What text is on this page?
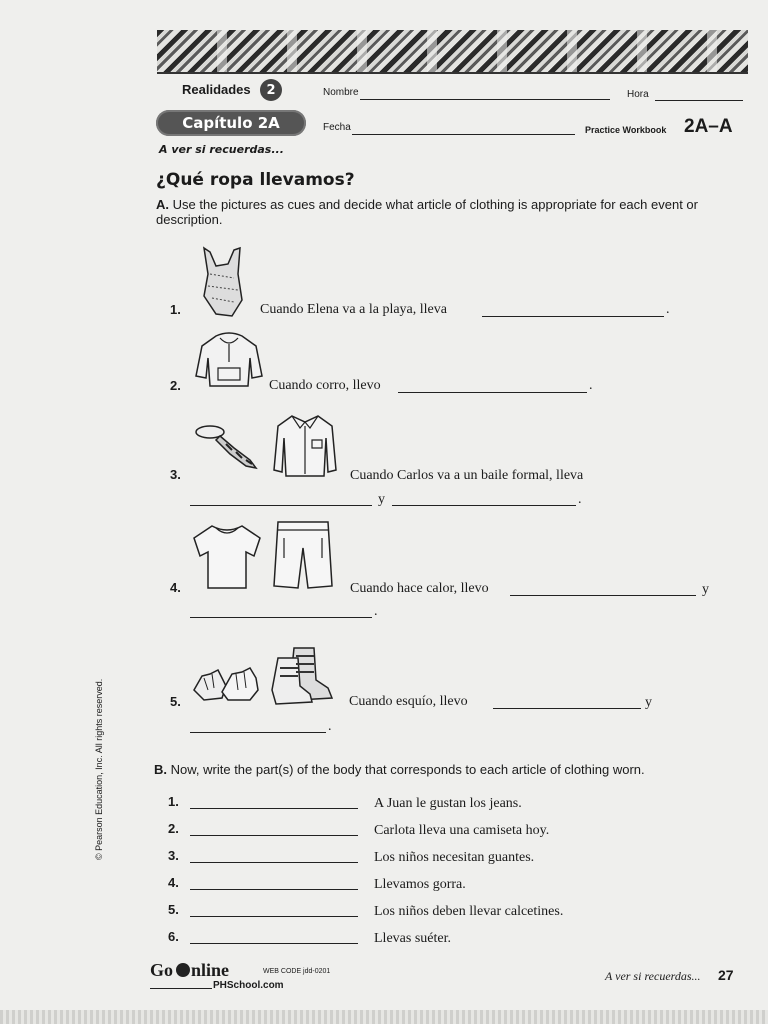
Realidades	2	Nombre	Hora
Capítulo 2A	Fecha	Practice Workbook 2A–A
A ver si recuerdas...
¿Qué ropa llevamos?
A. Use the pictures as cues and decide what article of clothing is appropriate for each event or description.
1.	Cuando Elena va a la playa, lleva	.
2.	Cuando corro, llevo	.
3.	Cuando Carlos va a un baile formal, lleva
y	.
4.	Cuando hace calor, llevo	y
.
5.	Cuando esquío, llevo	y
.
B. Now, write the part(s) of the body that corresponds to each article of clothing worn.
1.	A Juan le gustan los jeans.
2.	Carlota lleva una camiseta hoy.
3.	Los niños necesitan guantes.
4.	Llevamos gorra.
5.	Los niños deben llevar calcetines.
6.	Llevas suéter.
Go nline	WEB CODE jdd-0201
PHSchool.com
A ver si recuerdas... 27
© Pearson Education, Inc. All rights reserved.
